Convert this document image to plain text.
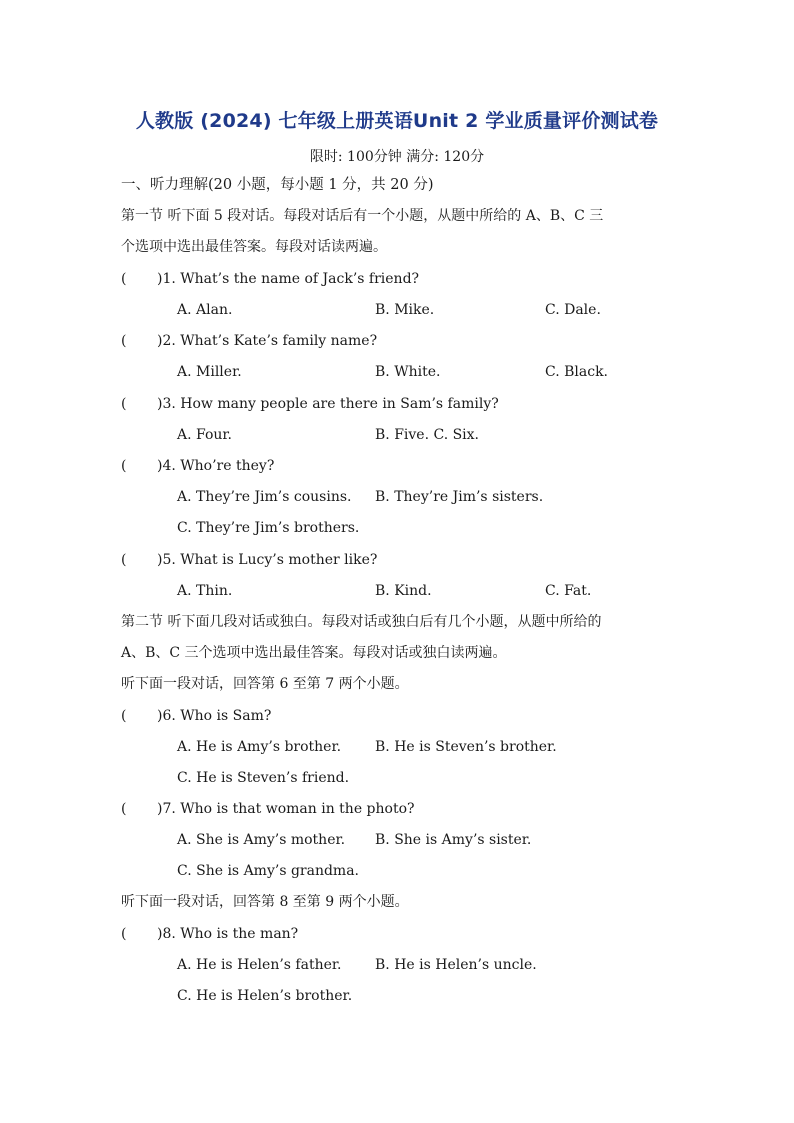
人教版 (2024) 七年级上册英语Unit 2 学业质量评价测试卷
限时: 100分钟 满分: 120分
一、听力理解(20 小题，每小题 1 分，共 20 分)
第一节 听下面 5 段对话。每段对话后有一个小题，从题中所给的 A、B、C 三
个选项中选出最佳答案。每段对话读两遍。
( )1. What’s the name of Jack’s friend?
A. Alan.	B. Mike.	C. Dale.
( )2. What’s Kate’s family name?
A. Miller.	B. White.	C. Black.
( )3. How many people are there in Sam’s family?
A. Four.	B. Five. C. Six.
( )4. Who’re they?
A. They’re Jim’s cousins. B. They’re Jim’s sisters.
C. They’re Jim’s brothers.
( )5. What is Lucy’s mother like?
A. Thin.	B. Kind.	C. Fat.
第二节 听下面几段对话或独白。每段对话或独白后有几个小题，从题中所给的
A、B、C 三个选项中选出最佳答案。每段对话或独白读两遍。
听下面一段对话，回答第 6 至第 7 两个小题。
( )6. Who is Sam?
A. He is Amy’s brother. B. He is Steven’s brother.
C. He is Steven’s friend.
( )7. Who is that woman in the photo?
A. She is Amy’s mother. B. She is Amy’s sister.
C. She is Amy’s grandma.
听下面一段对话，回答第 8 至第 9 两个小题。
( )8. Who is the man?
A. He is Helen’s father. B. He is Helen’s uncle.
C. He is Helen’s brother.
